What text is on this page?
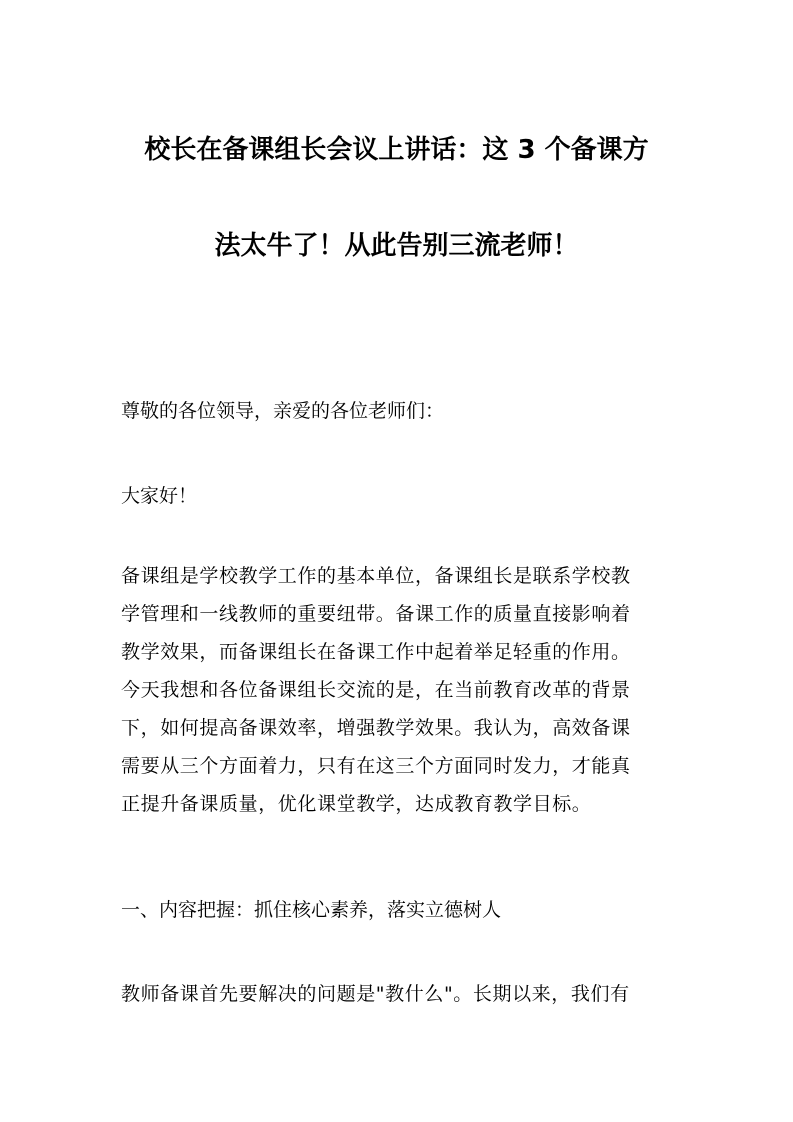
校长在备课组长会议上讲话：这 3 个备课方
法太牛了！从此告别三流老师！
尊敬的各位领导，亲爱的各位老师们：
大家好！
备课组是学校教学工作的基本单位，备课组长是联系学校教
学管理和一线教师的重要纽带。备课工作的质量直接影响着
教学效果，而备课组长在备课工作中起着举足轻重的作用。
今天我想和各位备课组长交流的是，在当前教育改革的背景
下，如何提高备课效率，增强教学效果。我认为，高效备课
需要从三个方面着力，只有在这三个方面同时发力，才能真
正提升备课质量，优化课堂教学，达成教育教学目标。
一、内容把握：抓住核心素养，落实立德树人
教师备课首先要解决的问题是"教什么"。长期以来，我们有
